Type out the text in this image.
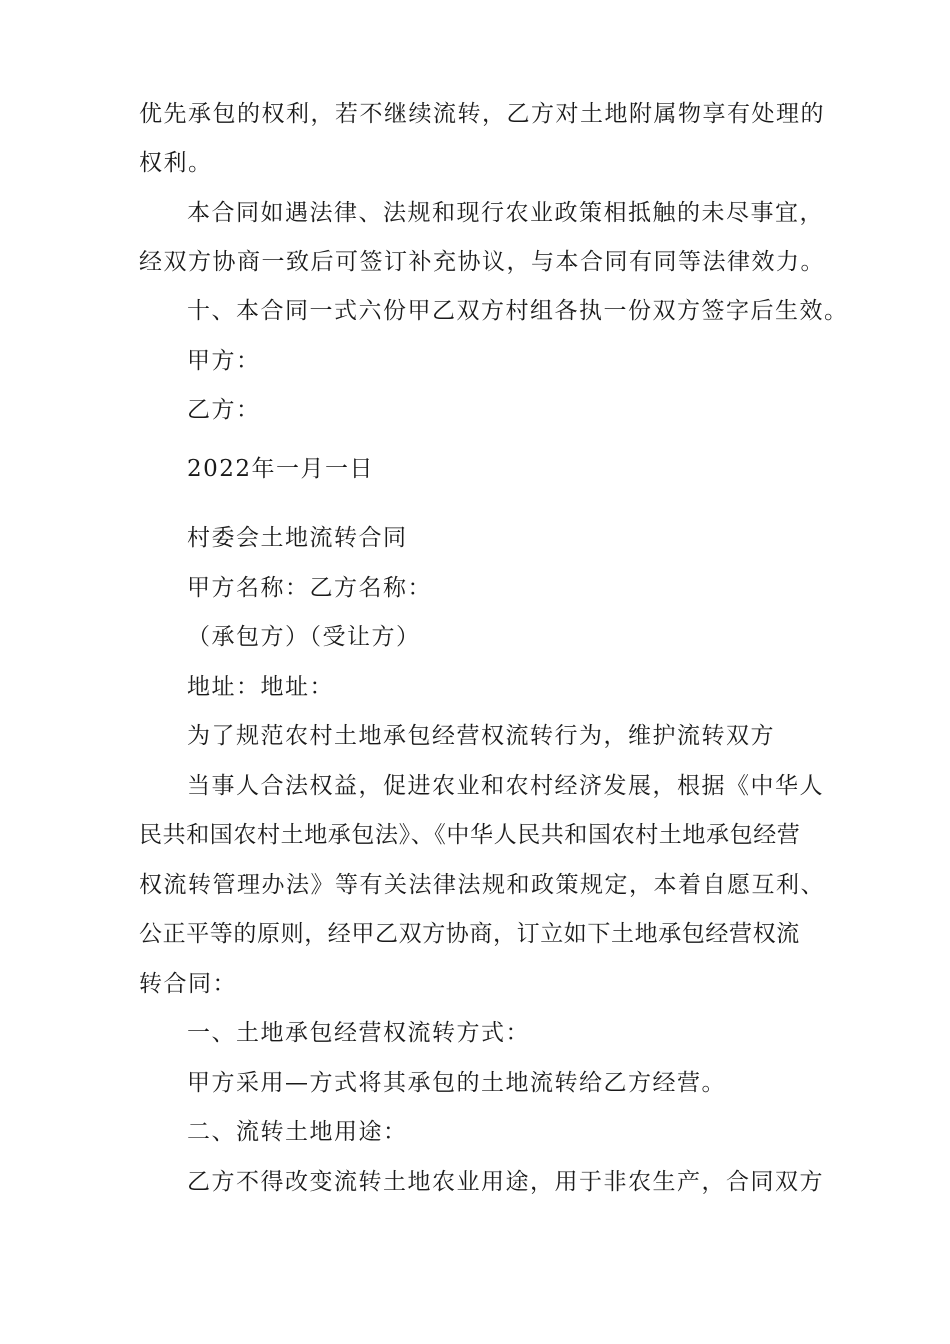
优先承包的权利，若不继续流转，乙方对土地附属物享有处理的
权利。
本合同如遇法律、法规和现行农业政策相抵触的未尽事宜，
经双方协商一致后可签订补充协议，与本合同有同等法律效力。
十、本合同一式六份甲乙双方村组各执一份双方签字后生效。
甲方：
乙方：
2022年一月一日
村委会土地流转合同
甲方名称：乙方名称：
（承包方）（受让方）
地址：地址：
为了规范农村土地承包经营权流转行为，维护流转双方
当事人合法权益，促进农业和农村经济发展，根据《中华人
民共和国农村土地承包法》、《中华人民共和国农村土地承包经营
权流转管理办法》等有关法律法规和政策规定，本着自愿互利、
公正平等的原则，经甲乙双方协商，订立如下土地承包经营权流
转合同：
一、土地承包经营权流转方式：
甲方采用—方式将其承包的土地流转给乙方经营。
二、流转土地用途：
乙方不得改变流转土地农业用途，用于非农生产，合同双方
